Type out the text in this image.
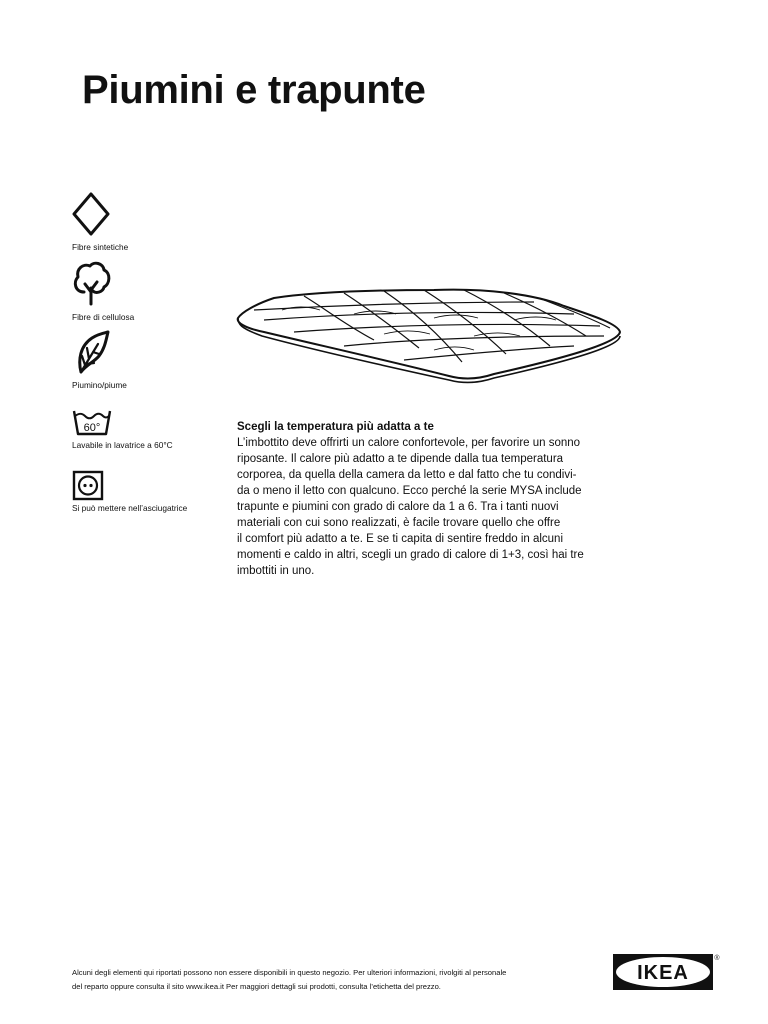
Piumini e trapunte
Fibre sintetiche
Fibre di cellulosa
Piumino/piume
60°
Lavabile in lavatrice a 60°C
Si può mettere nell’asciugatrice

Scegli la temperatura più adatta a te

L’imbottito deve offrirti un calore confortevole, per favorire un sonno
riposante. Il calore più adatto a te dipende dalla tua temperatura
corporea, da quella della camera da letto e dal fatto che tu condivi-
da o meno il letto con qualcuno. Ecco perché la serie MYSA include
trapunte e piumini con grado di calore da 1 a 6. Tra i tanti nuovi
materiali con cui sono realizzati, è facile trovare quello che offre
il comfort più adatto a te. E se ti capita di sentire freddo in alcuni
momenti e caldo in altri, scegli un grado di calore di 1+3, così hai tre
imbottiti in uno.

Alcuni degli elementi qui riportati possono non essere disponibili in questo negozio. Per ulteriori informazioni, rivolgiti al personale
del reparto oppure consulta il sito www.ikea.it Per maggiori dettagli sui prodotti, consulta l’etichetta del prezzo.
IKEA
®
